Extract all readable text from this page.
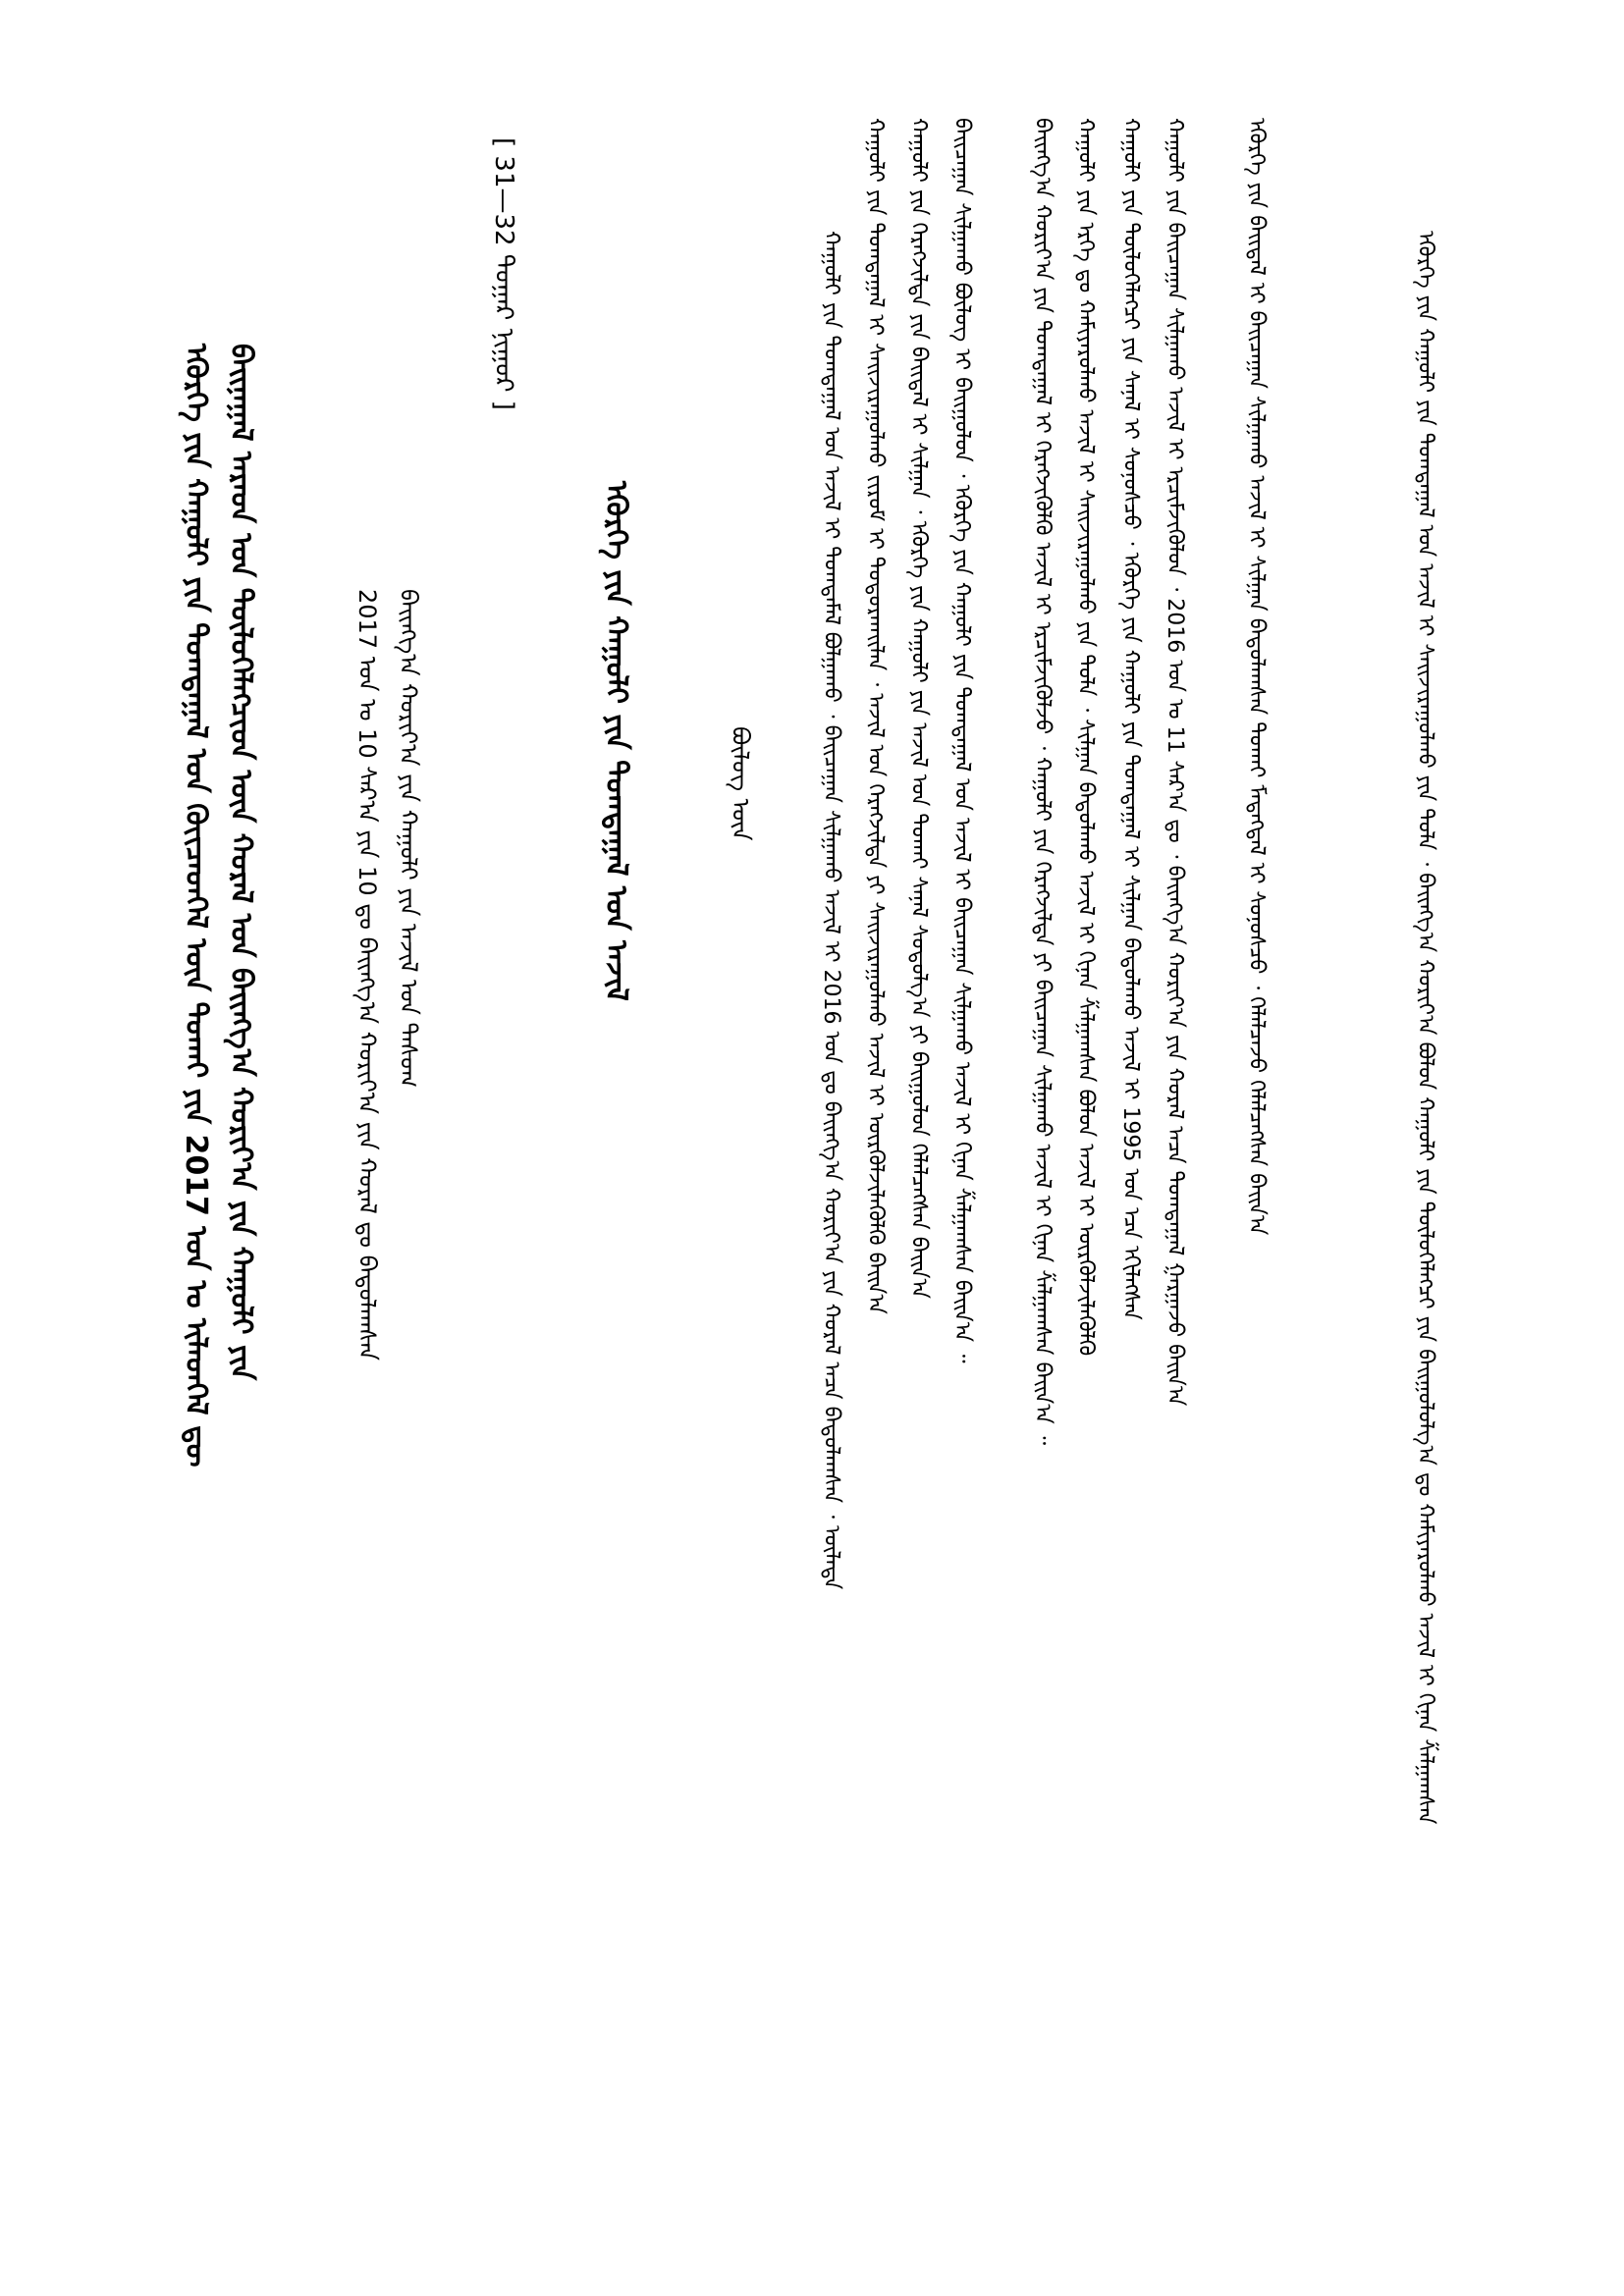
ᠡᠭᠦᠷᠭᠡ ᠶᠢᠨ ᠬᠠᠭᠤᠯᠢ ᠶᠢᠨ ᠲᠣᠭᠲᠠᠭᠠᠯ ᠤᠨ ᠭᠦᠢᠴᠡᠳᠬᠡᠯ ᠦᠨ ᠲᠤᠬᠠᠢ ᠶᠢᠨ 2017 ᠣᠨ ᠤ ᠢᠯᠡᠳᠬᠡᠯ ᠳᠦ ᠪᠠᠢᠨᠠᠭᠠᠯ ᠠᠷᠠᠳ ᠤᠨ ᠲᠥᠯᠦᠭᠡᠯᠡᠭᠴᠢᠳ ᠦᠨ ᠬᠤᠷᠠᠯ ᠤᠨ ᠪᠠᠢᠩᠭ᠎ᠠ ᠬᠣᠷᠢᠶ᠎ᠠ ᠶᠢᠨ ᠬᠠᠭᠤᠯᠢ ᠶᠢᠨ	2017 ᠣᠨ ᠤ 10 ᠰᠠᠷ᠎ᠠ ᠶᠢᠨ 10 ᠳᠤ ᠪᠠᠢᠩᠭ᠎ᠠ ᠬᠣᠷᠢᠶ᠎ᠠ ᠶᠢᠨ ᠬᠤᠷᠠᠯ ᠳᠤ ᠪᠠᠳᠤᠯᠠᠭᠰᠠᠨ ᠪᠠᠢᠩᠭ᠎ᠠ ᠬᠣᠷᠢᠶ᠎ᠠ ᠶᠢᠨ ᠬᠠᠭᠤᠯᠢ ᠶᠢᠨ ᠠᠵᠢᠯ ᠤᠨ ᠲᠠᠰᠤᠭ
[ 31—32 ᠳᠤᠭᠠᠷ ᠨᠢᠭᠤᠷ ]
ᠡᠭᠦᠷᠭᠡ ᠶᠢᠨ ᠬᠠᠭᠤᠯᠢ ᠶᠢᠨ ᠲᠣᠭᠲᠠᠭᠠᠯ ᠤᠨ ᠠᠵᠢᠯ	ᠪᠦᠯᠦᠭ ᠦᠨ	ᠬᠠᠭᠤᠯᠢ ᠶᠢᠨ ᠲᠣᠭᠲᠠᠭᠠᠯ ᠤᠨ ᠠᠵᠢᠯ ᠢ ᠲᠣᠭᠲᠠᠮᠠᠯ ᠪᠣᠯᠭᠠᠬᠤ ᠂ ᠪᠠᠢᠴᠠᠭᠠᠨ ᠰᠢᠯᠭᠠᠬᠤ ᠠᠵᠢᠯ ᠢ 2016 ᠣᠨ ᠳᠤ ᠪᠠᠢᠩᠭ᠎ᠠ ᠬᠣᠷᠢᠶ᠎ᠠ ᠶᠢᠨ ᠬᠤᠷᠠᠯ ᠠᠴᠠ ᠪᠠᠳᠤᠯᠠᠭᠰᠠᠨ ᠂ ᠦᠯᠡᠳᠡ ᠬᠠᠭᠤᠯᠢ ᠶᠢᠨ ᠲᠣᠭᠲᠠᠭᠠᠯ ᠢ ᠰᠠᠢᠵᠢᠷᠠᠭᠤᠯᠬᠤ ᠵᠢᠷᠤᠮ ᠢ ᠲᠣᠳᠤᠷᠬᠠᠢᠯᠠᠨ ᠂ ᠠᠵᠢᠯ ᠤᠨ ᠬᠡᠷᠡᠭᠵᠢᠯᠲᠡ ᠶᠢ ᠰᠠᠢᠵᠢᠷᠠᠭᠤᠯᠬᠤ ᠠᠵᠢᠯ ᠢ ᠦᠷᠭᠦᠯᠵᠢᠯᠡᠭᠦᠯᠬᠦ ᠪᠠᠢᠨ᠎ᠠ ᠬᠠᠭᠤᠯᠢ ᠶᠢᠨ ᠬᠡᠷᠡᠭᠵᠢᠯᠲᠡ ᠶᠢᠨ ᠪᠠᠢᠳᠠᠯ ᠢ ᠰᠢᠯᠭᠠᠨ ᠂ ᠡᠭᠦᠷᠭᠡ ᠶᠢᠨ ᠬᠠᠭᠤᠯᠢ ᠶᠢᠨ ᠠᠵᠢᠯ ᠤᠨ ᠲᠤᠬᠠᠢ ᠰᠠᠨᠠᠯ ᠰᠤᠳᠤᠯᠭ᠎ᠠ ᠶᠢ ᠪᠠᠢᠭᠤᠯᠤᠨ ᠬᠡᠯᠡᠯᠴᠡᠭᠰᠡᠨ ᠪᠠᠢᠨ᠎ᠠ ᠪᠠᠢᠴᠠᠭᠠᠨ ᠰᠢᠯᠭᠠᠬᠤ ᠪᠦᠯᠦᠭ ᠢ ᠪᠠᠢᠭᠤᠯᠤᠨ ᠂ ᠡᠭᠦᠷᠭᠡ ᠶᠢᠨ ᠬᠠᠭᠤᠯᠢ ᠶᠢᠨ ᠲᠣᠭᠲᠠᠭᠠᠯ ᠤᠨ ᠠᠵᠢᠯ ᠢ ᠪᠠᠢᠴᠠᠭᠠᠨ ᠰᠢᠯᠭᠠᠬᠤ ᠠᠵᠢᠯ ᠢ ᠬᠢᠨᠠᠨ ᠱᠠᠯᠭᠠᠭᠰᠠᠨ ᠪᠠᠢᠨ᠎ᠠ ᠃	ᠪᠠᠢᠩᠭ᠎ᠠ ᠬᠣᠷᠢᠶ᠎ᠠ ᠶᠢᠨ ᠲᠣᠭᠲᠠᠭᠠᠯ ᠢ ᠬᠡᠷᠡᠭᠵᠢᠭᠦᠯᠬᠦ ᠠᠵᠢᠯ ᠢ ᠡᠷᠴᠢᠮᠵᠢᠭᠦᠯᠵᠦ ᠂ ᠬᠠᠭᠤᠯᠢ ᠶᠢᠨ ᠬᠡᠷᠡᠭᠵᠢᠯᠲᠡ ᠶᠢ ᠪᠠᠢᠴᠠᠭᠠᠨ ᠰᠢᠯᠭᠠᠬᠤ ᠠᠵᠢᠯ ᠢ ᠬᠢᠨᠠᠨ ᠱᠠᠯᠭᠠᠭᠰᠠᠨ ᠪᠠᠢᠨ᠎ᠠ ᠃ ᠬᠠᠭᠤᠯᠢ ᠶᠢᠨ ᠡᠷᠬᠡ ᠳᠤ ᠬᠠᠮᠢᠶᠠᠷᠤᠯᠬᠤ ᠠᠵᠢᠯ ᠢ ᠰᠠᠢᠵᠢᠷᠠᠭᠤᠯᠬᠤ ᠶᠢᠨ ᠲᠤᠯᠠ ᠂ ᠰᠢᠯᠭᠠᠨ ᠪᠠᠲᠤᠯᠠᠬᠤ ᠠᠵᠢᠯ ᠢ ᠬᠢᠨᠠᠨ ᠱᠠᠯᠭᠠᠭᠰᠠᠨ ᠪᠣᠯᠤᠨ ᠠᠵᠢᠯ ᠢ ᠦᠷᠭᠦᠯᠵᠢᠯᠡᠭᠦᠯᠬᠦ ᠬᠠᠭᠤᠯᠢ ᠶᠢᠨ ᠲᠥᠯᠦᠭᠡᠯᠡᠭᠴᠢ ᠶᠢᠨ ᠰᠠᠨᠠᠯ ᠢ ᠰᠣᠨᠣᠰᠴᠤ ᠂ ᠡᠭᠦᠷᠭᠡ ᠶᠢᠨ ᠬᠠᠭᠤᠯᠢ ᠶᠢᠨ ᠲᠣᠭᠲᠠᠭᠠᠯ ᠢ ᠰᠢᠯᠭᠠᠨ ᠪᠠᠲᠤᠯᠠᠬᠤ ᠠᠵᠢᠯ ᠢ 1995 ᠣᠨ ᠡᠴᠡ ᠡᠬᠢᠯᠡᠭᠰᠡᠨ ᠬᠠᠭᠤᠯᠢ ᠶᠢᠨ ᠪᠠᠢᠴᠠᠭᠠᠨ ᠰᠢᠯᠭᠠᠬᠤ ᠠᠵᠢᠯ ᠢ ᠡᠷᠴᠢᠮᠵᠢᠭᠦᠯᠦᠨ ᠂ 2016 ᠣᠨ ᠤ 11 ᠰᠠᠷ᠎ᠠ ᠳᠤ ᠂ ᠪᠠᠢᠩᠭ᠎ᠠ ᠬᠣᠷᠢᠶ᠎ᠠ ᠶᠢᠨ ᠬᠤᠷᠠᠯ ᠠᠴᠠ ᠲᠣᠭᠲᠠᠭᠠᠯ ᠭᠠᠷᠭᠠᠵᠤ ᠪᠠᠢᠨ᠎ᠠ	ᠡᠭᠦᠷᠭᠡ ᠶᠢᠨ ᠪᠠᠢᠳᠠᠯ ᠢ ᠪᠠᠢᠴᠠᠭᠠᠨ ᠰᠢᠯᠭᠠᠬᠤ ᠠᠵᠢᠯ ᠢ ᠰᠢᠯᠭᠠᠨ ᠪᠠᠲᠤᠯᠠᠭᠰᠠᠨ ᠲᠤᠬᠠᠢ ᠮᠡᠳᠡᠭᠳᠡᠯ ᠢ ᠰᠣᠨᠣᠰᠴᠤ ᠂ ᠬᠡᠯᠡᠯᠴᠡᠵᠦ ᠬᠡᠯᠡᠯᠴᠡᠭᠰᠡᠨ ᠪᠠᠢᠨ᠎ᠠ	ᠡᠭᠦᠷᠭᠡ ᠶᠢᠨ ᠬᠠᠭᠤᠯᠢ ᠶᠢᠨ ᠲᠣᠭᠲᠠᠭᠠᠯ ᠤᠨ ᠠᠵᠢᠯ ᠢ ᠰᠠᠢᠵᠢᠷᠠᠭᠤᠯᠬᠤ ᠶᠢᠨ ᠲᠤᠯᠠ ᠂ ᠪᠠᠢᠩᠭ᠎ᠠ ᠬᠣᠷᠢᠶ᠎ᠠ ᠪᠣᠯᠤᠨ ᠬᠠᠭᠤᠯᠢ ᠶᠢᠨ ᠲᠥᠯᠦᠭᠡᠯᠡᠭᠴᠢ ᠶᠢᠨ ᠪᠠᠢᠭᠤᠯᠤᠯᠭ᠎ᠠ ᠳᠤ ᠬᠠᠮᠢᠶᠠᠷᠤᠯᠬᠤ ᠠᠵᠢᠯ ᠢ ᠬᠢᠨᠠᠨ ᠱᠠᠯᠭᠠᠭᠰᠠᠨ
